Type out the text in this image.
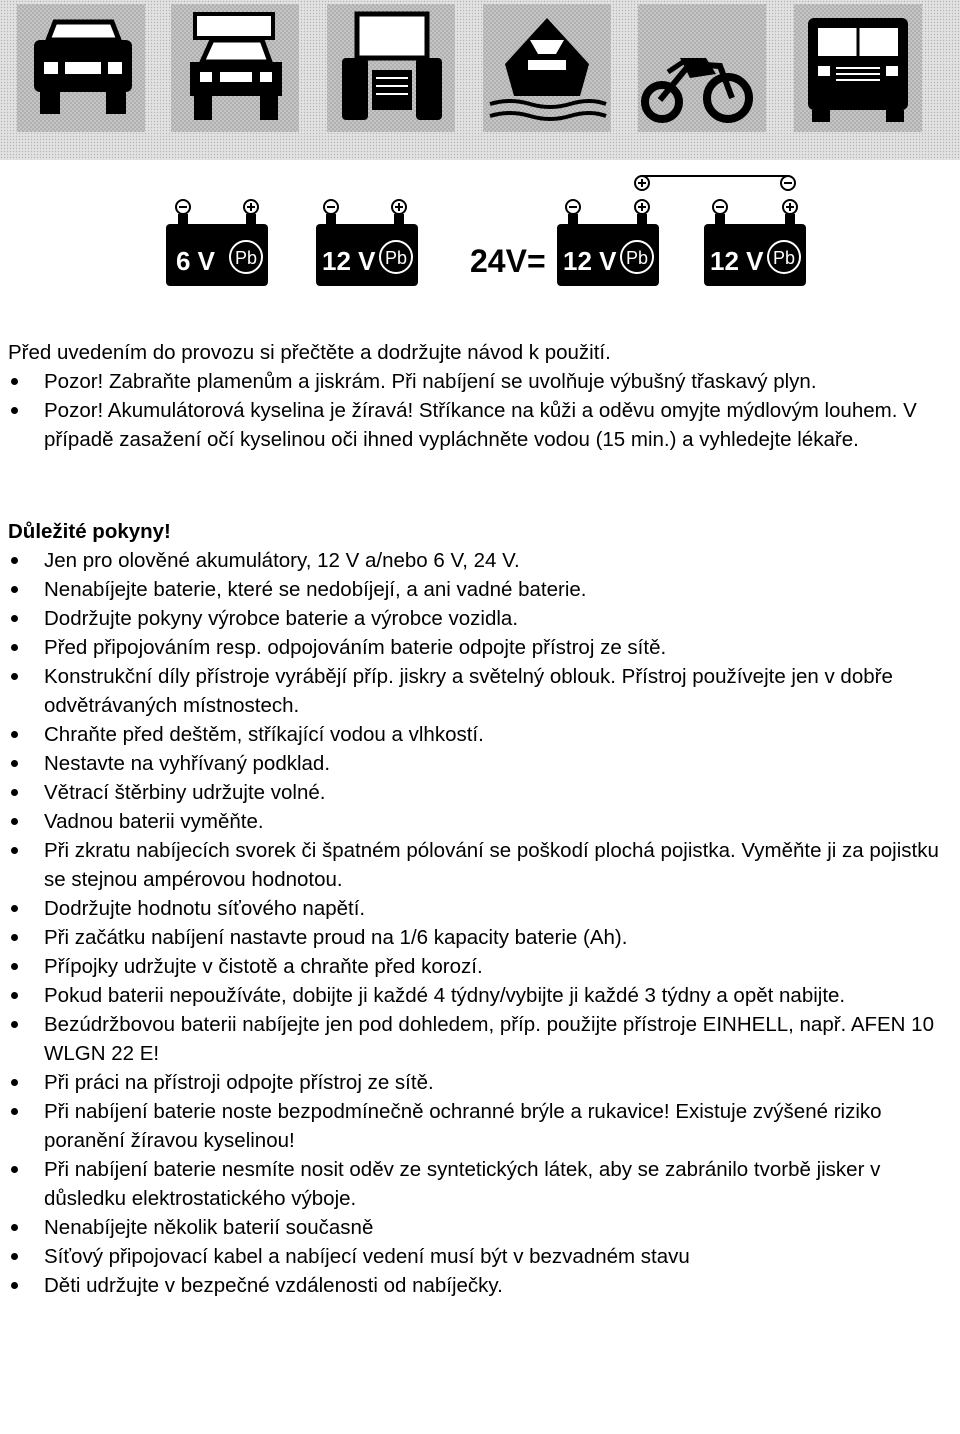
6 V Pb 12 V Pb 24V= 12 V Pb 12 V Pb

Před uvedením do provozu si přečtěte a dodržujte návod k použití.

Pozor! Zabraňte plamenům a jiskrám. Při nabíjení se uvolňuje výbušný třaskavý plyn.
Pozor! Akumulátorová kyselina je žíravá! Stříkance na kůži a oděvu omyjte mýdlovým louhem. V případě zasažení očí kyselinou oči ihned vypláchněte vodou (15 min.) a vyhledejte lékaře.

Důležité pokyny!

Jen pro olověné akumulátory, 12 V a/nebo 6 V, 24 V.
Nenabíjejte baterie, které se nedobíjejí, a ani vadné baterie.
Dodržujte pokyny výrobce baterie a výrobce vozidla.
Před připojováním resp. odpojováním baterie odpojte přístroj ze sítě.
Konstrukční díly přístroje vyrábějí příp. jiskry a světelný oblouk. Přístroj používejte jen v dobře odvětrávaných místnostech.
Chraňte před deštěm, stříkající vodou a vlhkostí.
Nestavte na vyhřívaný podklad.
Větrací štěrbiny udržujte volné.
Vadnou baterii vyměňte.
Při zkratu nabíjecích svorek či špatném pólování se poškodí plochá pojistka. Vyměňte ji za pojistku se stejnou ampérovou hodnotou.
Dodržujte hodnotu síťového napětí.
Při začátku nabíjení nastavte proud na 1/6 kapacity baterie (Ah).
Přípojky udržujte v čistotě a chraňte před korozí.
Pokud baterii nepoužíváte, dobijte ji každé 4 týdny/vybijte ji každé 3 týdny a opět nabijte.
Bezúdržbovou baterii nabíjejte jen pod dohledem, příp. použijte přístroje EINHELL, např. AFEN 10 WLGN 22 E!
Při práci na přístroji odpojte přístroj ze sítě.
Při nabíjení baterie noste bezpodmínečně ochranné brýle a rukavice! Existuje zvýšené riziko poranění žíravou kyselinou!
Při nabíjení baterie nesmíte nosit oděv ze syntetických látek, aby se zabránilo tvorbě jisker v důsledku elektrostatického výboje.
Nenabíjejte několik baterií současně
Síťový připojovací kabel a nabíjecí vedení musí být v bezvadném stavu
Děti udržujte v bezpečné vzdálenosti od nabíječky.
